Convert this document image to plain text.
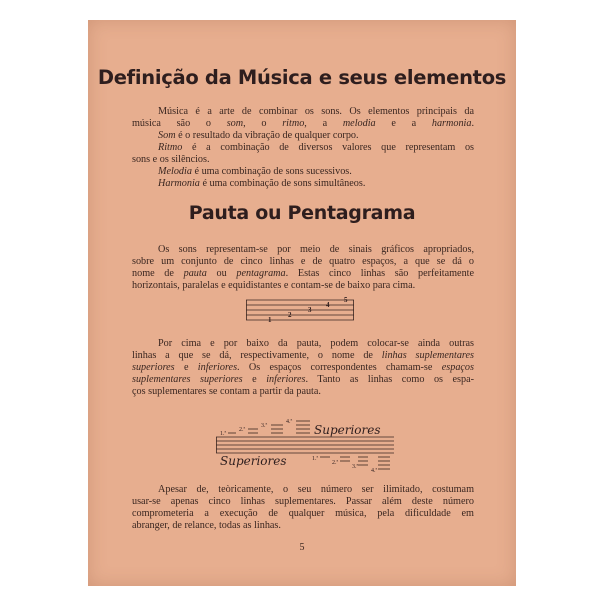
Definição da Música e seus elementos
Música é a arte de combinar os sons. Os elementos principais da
música são o som, o ritmo, a melodia e a harmonia.
Som é o resultado da vibração de qualquer corpo.
Ritmo é a combinação de diversos valores que representam os
sons e os silêncios.
Melodia é uma combinação de sons sucessivos.
Harmonia é uma combinação de sons simultâneos.
Pauta ou Pentagrama
Os sons representam-se por meio de sinais gráficos apropriados,
sobre um conjunto de cinco linhas e de quatro espaços, a que se dá o
nome de pauta ou pentagrama. Estas cinco linhas são perfeitamente
horizontais, paralelas e equidistantes e contam-se de baixo para cima.
1
2
3
4
5
Por cima e por baixo da pauta, podem colocar-se ainda outras
linhas a que se dá, respectivamente, o nome de linhas suplementares
superiores e inferiores. Os espaços correspondentes chamam-se espaços
suplementares superiores e inferiores. Tanto as linhas como os espa-
ços suplementares se contam a partir da pauta.
1.ª
2.ª
3.ª
4.ª
1.ª
2.ª
3.ª
4.ª
Superiores
Superiores
Apesar de, teòricamente, o seu número ser ilimitado, costumam
usar-se apenas cinco linhas suplementares. Passar além deste número
comprometeria a execução de qualquer música, pela dificuldade em
abranger, de relance, todas as linhas.
5
